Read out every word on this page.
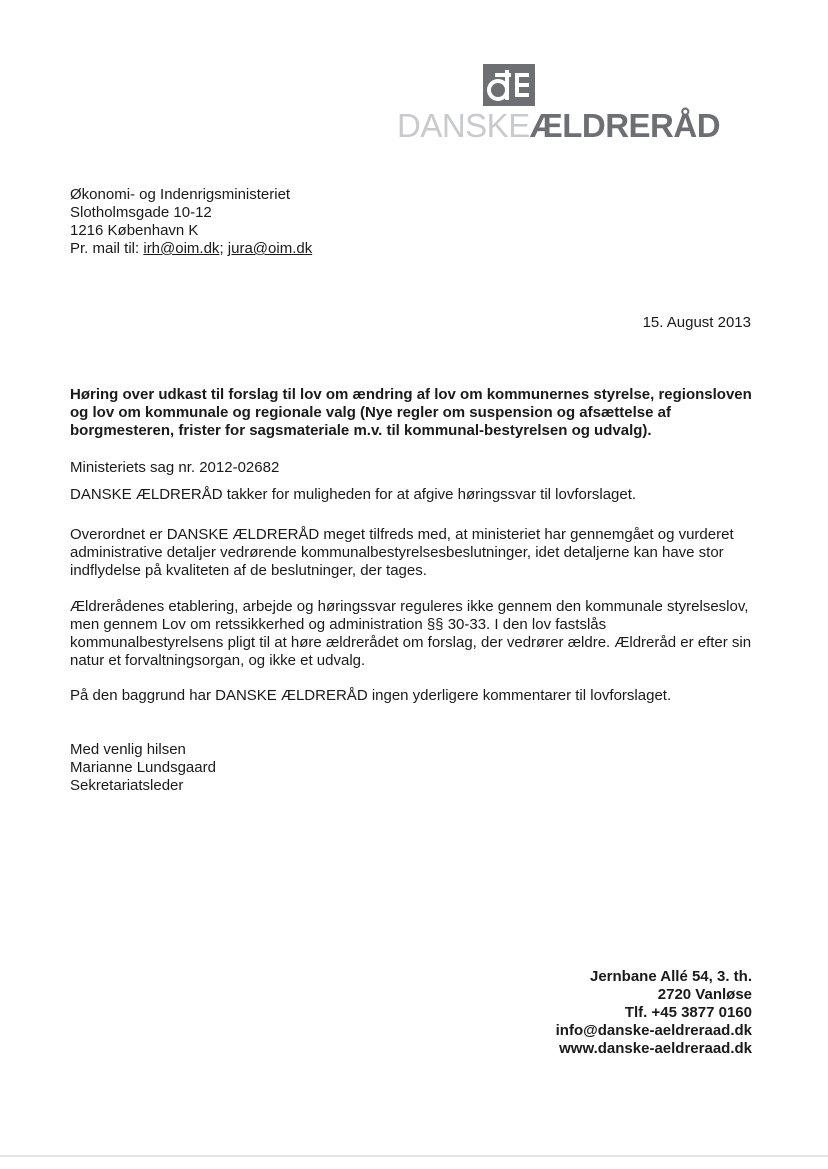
DANSKEÆLDRERÅD
Økonomi- og Indenrigsministeriet
Slotholmsgade 10-12
1216 København K
Pr. mail til: irh@oim.dk; jura@oim.dk
15. August 2013
Høring over udkast til forslag til lov om ændring af lov om kommunernes styrelse, regionsloven og lov om kommunale og regionale valg (Nye regler om suspension og afsættelse af borgmesteren, frister for sagsmateriale m.v. til kommunal-bestyrelsen og udvalg).
Ministeriets sag nr. 2012-02682
DANSKE ÆLDRERÅD takker for muligheden for at afgive høringssvar til lovforslaget.
Overordnet er DANSKE ÆLDRERÅD meget tilfreds med, at ministeriet har gennemgået og vurderet administrative detaljer vedrørende kommunalbestyrelsesbeslutninger, idet detaljerne kan have stor indflydelse på kvaliteten af de beslutninger, der tages.
Ældrerådenes etablering, arbejde og høringssvar reguleres ikke gennem den kommunale styrelseslov, men gennem Lov om retssikkerhed og administration §§ 30-33. I den lov fastslås kommunalbestyrelsens pligt til at høre ældrerådet om forslag, der vedrører ældre. Ældreråd er efter sin natur et forvaltningsorgan, og ikke et udvalg.
På den baggrund har DANSKE ÆLDRERÅD ingen yderligere kommentarer til lovforslaget.
Med venlig hilsen
Marianne Lundsgaard
Sekretariatsleder
Jernbane Allé 54, 3. th.
2720 Vanløse
Tlf. +45 3877 0160
info@danske-aeldreraad.dk
www.danske-aeldreraad.dk
